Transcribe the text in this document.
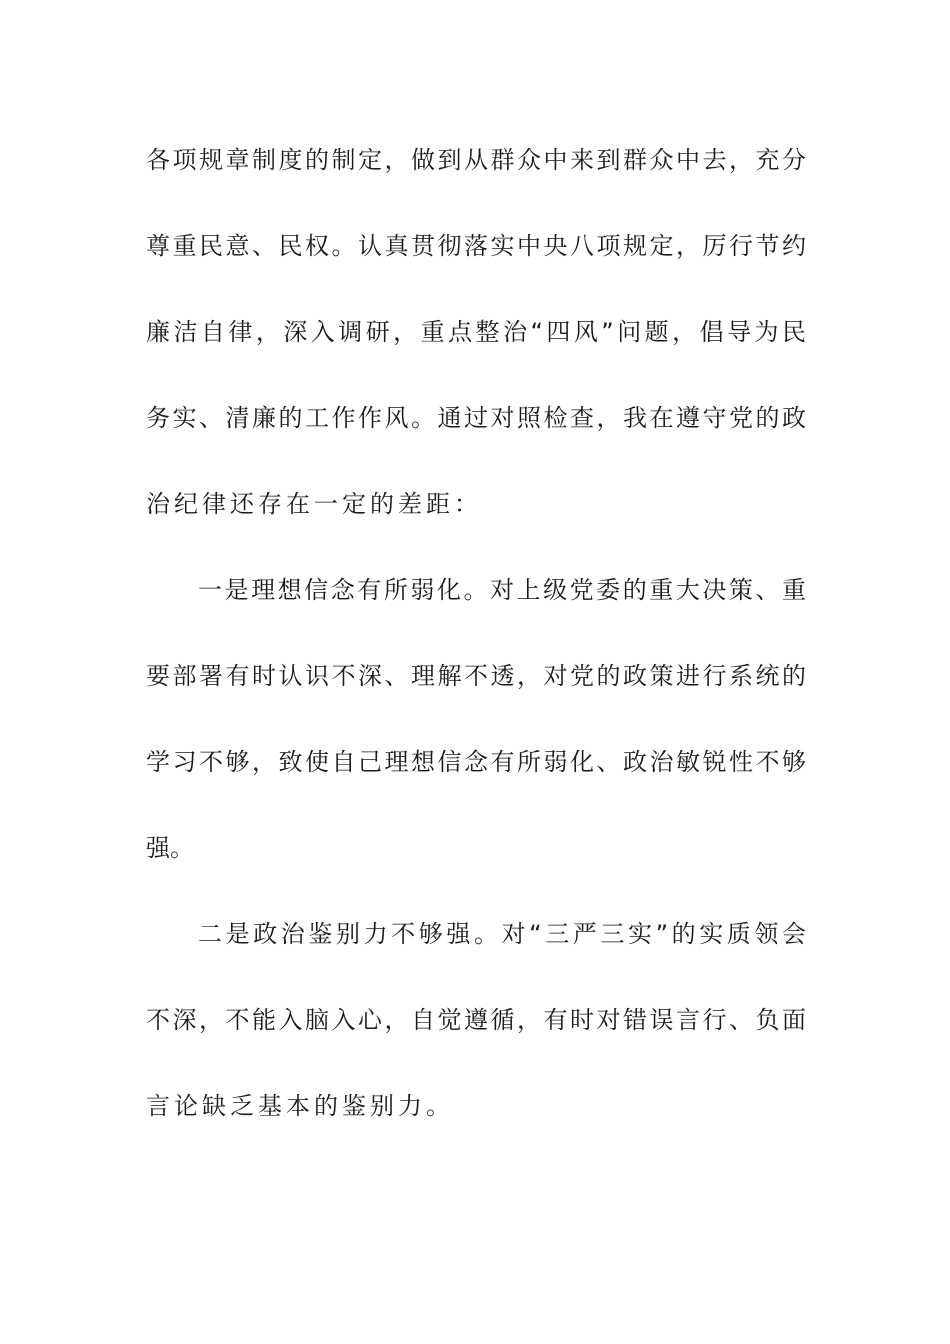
各项规章制度的制定，做到从群众中来到群众中去，充分
尊重民意、民权。认真贯彻落实中央八项规定，厉行节约
廉洁自律，深入调研，重点整治“四风”问题，倡导为民
务实、清廉的工作作风。通过对照检查，我在遵守党的政
治纪律还存在一定的差距：
一是理想信念有所弱化。对上级党委的重大决策、重
要部署有时认识不深、理解不透，对党的政策进行系统的
学习不够，致使自己理想信念有所弱化、政治敏锐性不够
强。
二是政治鉴别力不够强。对“三严三实”的实质领会
不深，不能入脑入心，自觉遵循，有时对错误言行、负面
言论缺乏基本的鉴别力。
